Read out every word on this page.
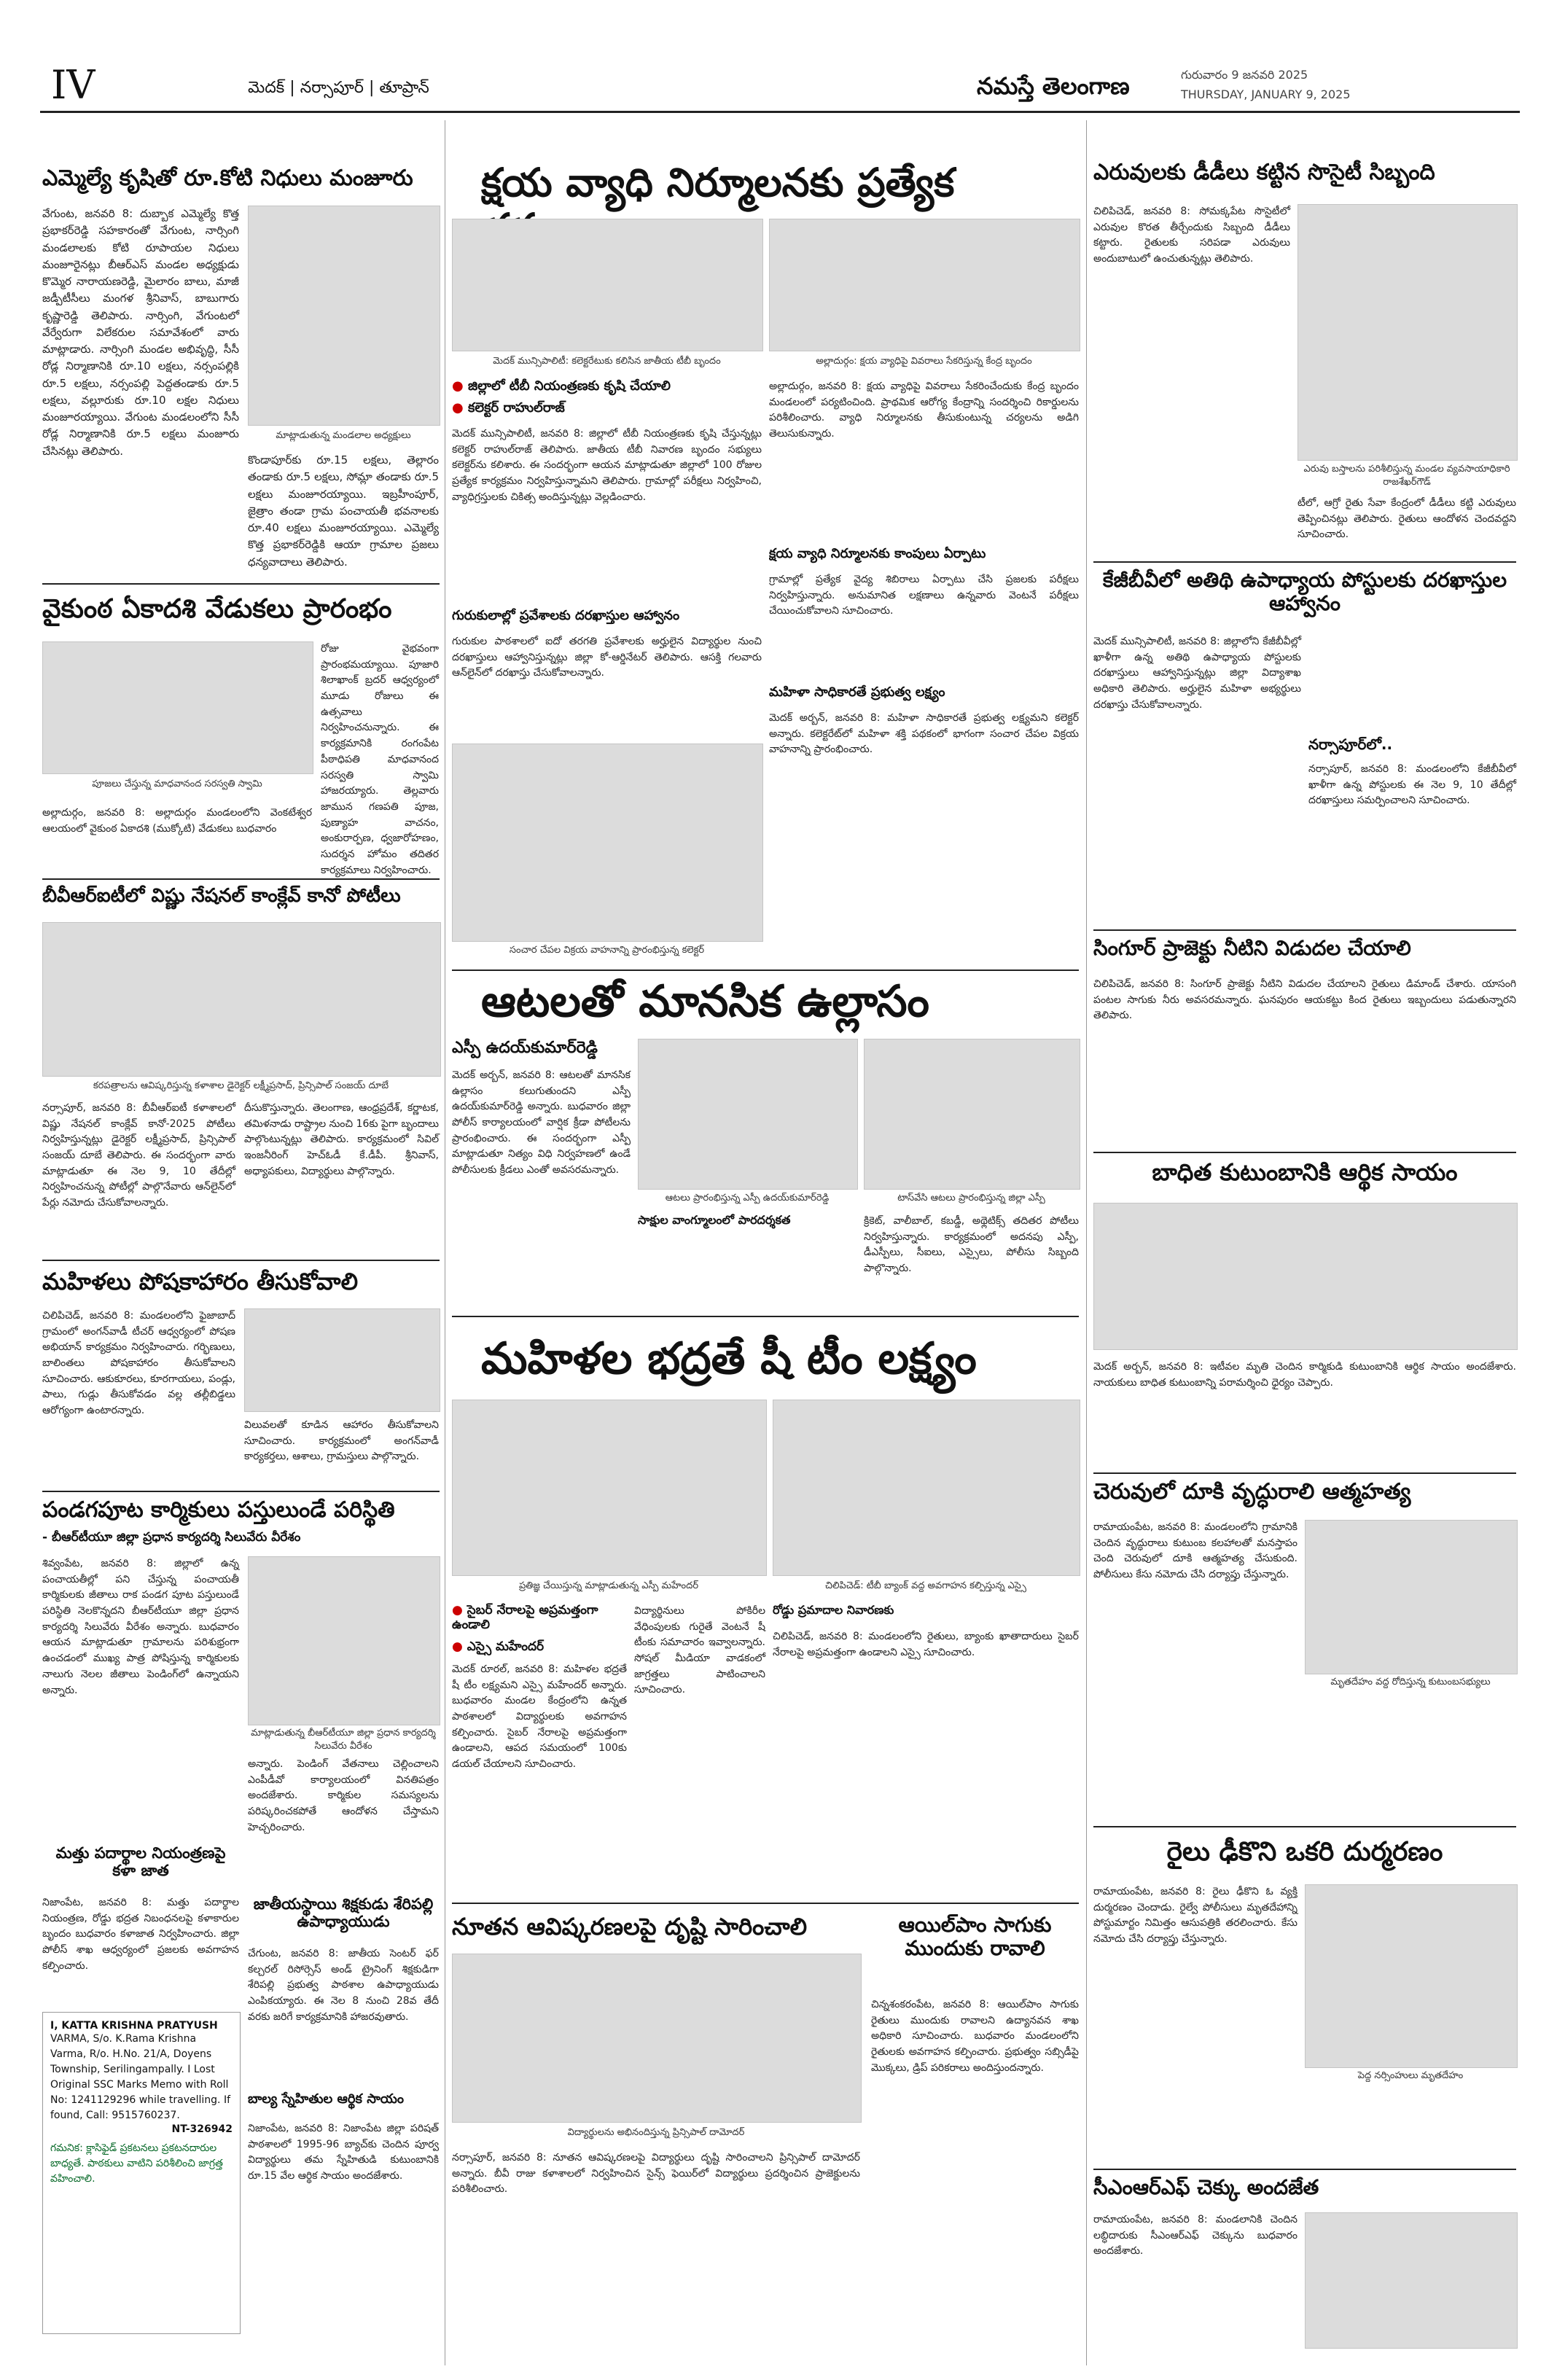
IV	మెదక్ | నర్సాపూర్ | తూప్రాన్	నమస్తే తెలంగాణ	గురువారం 9 జనవరి 2025
THURSDAY, JANUARY 9, 2025
ఎమ్మెల్యే కృషితో రూ.కోటి నిధులు మంజూరు
వేగుంట, జనవరి 8: దుబ్బాక ఎమ్మెల్యే కొత్త ప్రభాకర్‌రెడ్డి సహకారంతో వేగుంట, నార్సింగి మండలాలకు కోటి రూపాయల నిధులు మంజూరైనట్లు బీఆర్‌ఎస్ మండల అధ్యక్షుడు కొమ్మెర నారాయణరెడ్డి, మైలారం బాలు, మాజీ జడ్పీటీసీలు మంగళ శ్రీనివాస్, బాబుగారు కృష్ణారెడ్డి తెలిపారు. నార్సింగి, వేగుంటలో వేర్వేరుగా విలేకరుల సమావేశంలో వారు మాట్లాడారు. నార్సింగి మండల అభివృద్ధి, సీసీ రోడ్ల నిర్మాణానికి రూ.10 లక్షలు, నర్సంపల్లికి రూ.5 లక్షలు, నర్సంపల్లి పెద్దతండాకు రూ.5 లక్షలు, వల్లూరుకు రూ.10 లక్షల నిధులు మంజూరయ్యాయి. వేగుంట మండలంలోని సీసీ రోడ్ల నిర్మాణానికి రూ.5 లక్షలు మంజూరు చేసినట్లు తెలిపారు.
మాట్లాడుతున్న మండలాల అధ్యక్షులు
కొండాపూర్‌కు రూ.15 లక్షలు, తెల్లారం తండాకు రూ.5 లక్షలు, సోమ్లా తండాకు రూ.5 లక్షలు మంజూరయ్యాయి. ఇబ్రహీంపూర్, జైత్రాం తండా గ్రామ పంచాయతీ భవనాలకు రూ.40 లక్షలు మంజూరయ్యాయి. ఎమ్మెల్యే కొత్త ప్రభాకర్‌రెడ్డికి ఆయా గ్రామాల ప్రజలు ధన్యవాదాలు తెలిపారు.
వైకుంఠ ఏకాదశి వేడుకలు ప్రారంభం
పూజలు చేస్తున్న మాధవానంద సరస్వతి స్వామి
రోజు వైభవంగా ప్రారంభమయ్యాయి. పూజారి శిలాఖాంక్ బ్రదర్ ఆధ్వర్యంలో మూడు రోజులు ఈ ఉత్సవాలు నిర్వహించనున్నారు. ఈ కార్యక్రమానికి రంగంపేట పీఠాధిపతి మాధవానంద సరస్వతి స్వామి హాజరయ్యారు. తెల్లవారు జామున గణపతి పూజ, పుణ్యాహ వాచనం, అంకురార్పణ, ధ్వజారోహణం, సుదర్శన హోమం తదితర కార్యక్రమాలు నిర్వహించారు.
అల్లాదుర్గం, జనవరి 8: అల్లాదుర్గం మండలంలోని వెంకటేశ్వర ఆలయంలో వైకుంఠ ఏకాదశి (ముక్కోటి) వేడుకలు బుధవారం
బీవీఆర్ఐటీలో విష్ణు నేషనల్ కాంక్లేవ్ కానో పోటీలు
కరపత్రాలను ఆవిష్కరిస్తున్న కళాశాల డైరెక్టర్ లక్ష్మీప్రసాద్, ప్రిన్సిపాల్ సంజయ్ దూబే
నర్సాపూర్, జనవరి 8: బీవీఆర్ఐటీ కళాశాలలో విష్ణు నేషనల్ కాంక్లేవ్ కానో-2025 పోటీలు నిర్వహిస్తున్నట్లు డైరెక్టర్ లక్ష్మీప్రసాద్, ప్రిన్సిపాల్ సంజయ్ దూబే తెలిపారు. ఈ సందర్భంగా వారు మాట్లాడుతూ ఈ నెల 9, 10 తేదీల్లో నిర్వహించనున్న పోటీల్లో పాల్గొనేవారు ఆన్‌లైన్‌లో పేర్లు నమోదు చేసుకోవాలన్నారు.
దీసుకొస్తున్నారు. తెలంగాణ, ఆంధ్రప్రదేశ్, కర్ణాటక, తమిళనాడు రాష్ట్రాల నుంచి 16కు పైగా బృందాలు పాల్గొంటున్నట్లు తెలిపారు. కార్యక్రమంలో సివిల్ ఇంజనీరింగ్ హెచ్ఓడీ కే.డీపీ. శ్రీనివాస్, అధ్యాపకులు, విద్యార్థులు పాల్గొన్నారు.
మహిళలు పోషకాహారం తీసుకోవాలి
చిలిపిచెడ్, జనవరి 8: మండలంలోని ఫైజాబాద్ గ్రామంలో అంగన్‌వాడీ టీచర్ ఆధ్వర్యంలో పోషణ అభియాన్ కార్యక్రమం నిర్వహించారు. గర్భిణులు, బాలింతలు పోషకాహారం తీసుకోవాలని సూచించారు. ఆకుకూరలు, కూరగాయలు, పండ్లు, పాలు, గుడ్లు తీసుకోవడం వల్ల తల్లీబిడ్డలు ఆరోగ్యంగా ఉంటారన్నారు.
విలువలతో కూడిన ఆహారం తీసుకోవాలని సూచించారు. కార్యక్రమంలో అంగన్‌వాడీ కార్యకర్తలు, ఆశాలు, గ్రామస్తులు పాల్గొన్నారు.
పండగపూట కార్మికులు పస్తులుండే పరిస్థితి
- బీఆర్‌టీయూ జిల్లా ప్రధాన కార్యదర్శి సిలువేరు వీరేశం
శివ్వంపేట, జనవరి 8: జిల్లాలో ఉన్న పంచాయతీల్లో పని చేస్తున్న పంచాయతీ కార్మికులకు జీతాలు రాక పండగ పూట పస్తులుండే పరిస్థితి నెలకొన్నదని బీఆర్‌టీయూ జిల్లా ప్రధాన కార్యదర్శి సిలువేరు వీరేశం అన్నారు. బుధవారం ఆయన మాట్లాడుతూ గ్రామాలను పరిశుభ్రంగా ఉంచడంలో ముఖ్య పాత్ర పోషిస్తున్న కార్మికులకు నాలుగు నెలల జీతాలు పెండింగ్‌లో ఉన్నాయని అన్నారు.
మాట్లాడుతున్న బీఆర్‌టీయూ జిల్లా ప్రధాన కార్యదర్శి సిలువేరు వీరేశం
అన్నారు. పెండింగ్ వేతనాలు చెల్లించాలని ఎంపీడీవో కార్యాలయంలో వినతిపత్రం అందజేశారు. కార్మికుల సమస్యలను పరిష్కరించకపోతే ఆందోళన చేస్తామని హెచ్చరించారు.
మత్తు పదార్థాల నియంత్రణపై కళా జాత
నిజాంపేట, జనవరి 8: మత్తు పదార్థాల నియంత్రణ, రోడ్డు భద్రత నిబంధనలపై కళాకారుల బృందం బుధవారం కళాజాత నిర్వహించారు. జిల్లా పోలీస్ శాఖ ఆధ్వర్యంలో ప్రజలకు అవగాహన కల్పించారు.
జాతీయస్థాయి శిక్షకుడు శేరిపల్లి ఉపాధ్యాయుడు
చేగుంట, జనవరి 8: జాతీయ సెంటర్ ఫర్ కల్చరల్ రిసోర్సెస్ అండ్ ట్రైనింగ్ శిక్షకుడిగా శేరిపల్లి ప్రభుత్వ పాఠశాల ఉపాధ్యాయుడు ఎంపికయ్యారు. ఈ నెల 8 నుంచి 28వ తేదీ వరకు జరిగే కార్యక్రమానికి హాజరవుతారు.
I, KATTA KRISHNA PRATYUSH
VARMA, S/o. K.Rama Krishna Varma, R/o. H.No. 21/A, Doyens Township, Serilingampally. I Lost Original SSC Marks Memo with Roll No: 1241129296 while travelling. If found, Call: 9515760237.
NT-326942
గమనిక: క్లాసిఫైడ్ ప్రకటనలు ప్రకటనదారుల బాధ్యతే. పాఠకులు వాటిని పరిశీలించి జాగ్రత్త వహించాలి.
బాల్య స్నేహితుల ఆర్థిక సాయం
నిజాంపేట, జనవరి 8: నిజాంపేట జిల్లా పరిషత్ పాఠశాలలో 1995-96 బ్యాచ్‌కు చెందిన పూర్వ విద్యార్థులు తమ స్నేహితుడి కుటుంబానికి రూ.15 వేల ఆర్థిక సాయం అందజేశారు.
క్షయ వ్యాధి నిర్మూలనకు ప్రత్యేక
మెదక్ మున్సిపాలిటీ: కలెక్టరేటుకు కలిసిన జాతీయ టీబీ బృందం	అల్లాదుర్గం: క్షయ వ్యాధిపై వివరాలు సేకరిస్తున్న కేంద్ర బృందం
● జిల్లాలో టీబీ నియంత్రణకు కృషి చేయాలి
● కలెక్టర్ రాహుల్‌రాజ్
మెదక్ మున్సిపాలిటీ, జనవరి 8: జిల్లాలో టీబీ నియంత్రణకు కృషి చేస్తున్నట్లు కలెక్టర్ రాహుల్‌రాజ్ తెలిపారు. జాతీయ టీబీ నివారణ బృందం సభ్యులు కలెక్టర్‌ను కలిశారు. ఈ సందర్భంగా ఆయన మాట్లాడుతూ జిల్లాలో 100 రోజుల ప్రత్యేక కార్యక్రమం నిర్వహిస్తున్నామని తెలిపారు. గ్రామాల్లో పరీక్షలు నిర్వహించి, వ్యాధిగ్రస్తులకు చికిత్స అందిస్తున్నట్లు వెల్లడించారు.
గురుకులాల్లో ప్రవేశాలకు దరఖాస్తుల ఆహ్వానం
గురుకుల పాఠశాలలో ఐదో తరగతి ప్రవేశాలకు అర్హులైన విద్యార్థుల నుంచి దరఖాస్తులు ఆహ్వానిస్తున్నట్లు జిల్లా కో-ఆర్డినేటర్ తెలిపారు. ఆసక్తి గలవారు ఆన్‌లైన్‌లో దరఖాస్తు చేసుకోవాలన్నారు.
అల్లాదుర్గం, జనవరి 8: క్షయ వ్యాధిపై వివరాలు సేకరించేందుకు కేంద్ర బృందం మండలంలో పర్యటించింది. ప్రాథమిక ఆరోగ్య కేంద్రాన్ని సందర్శించి రికార్డులను పరిశీలించారు. వ్యాధి నిర్మూలనకు తీసుకుంటున్న చర్యలను అడిగి తెలుసుకున్నారు.
క్షయ వ్యాధి నిర్మూలనకు కాంపులు ఏర్పాటు
గ్రామాల్లో ప్రత్యేక వైద్య శిబిరాలు ఏర్పాటు చేసి ప్రజలకు పరీక్షలు నిర్వహిస్తున్నారు. అనుమానిత లక్షణాలు ఉన్నవారు వెంటనే పరీక్షలు చేయించుకోవాలని సూచించారు.
మహిళా సాధికారతే ప్రభుత్వ లక్ష్యం
మెదక్ అర్బన్, జనవరి 8: మహిళా సాధికారతే ప్రభుత్వ లక్ష్యమని కలెక్టర్ అన్నారు. కలెక్టరేట్‌లో మహిళా శక్తి పథకంలో భాగంగా సంచార చేపల విక్రయ వాహనాన్ని ప్రారంభించారు.
సంచార చేపల విక్రయ వాహనాన్ని ప్రారంభిస్తున్న కలెక్టర్
ఆటలతో మానసిక ఉల్లాసం
ఎస్పీ ఉదయ్‌కుమార్‌రెడ్డి
మెదక్ అర్బన్, జనవరి 8: ఆటలతో మానసిక ఉల్లాసం కలుగుతుందని ఎస్పీ ఉదయ్‌కుమార్‌రెడ్డి అన్నారు. బుధవారం జిల్లా పోలీస్ కార్యాలయంలో వార్షిక క్రీడా పోటీలను ప్రారంభించారు. ఈ సందర్భంగా ఎస్పీ మాట్లాడుతూ నిత్యం విధి నిర్వహణలో ఉండే పోలీసులకు క్రీడలు ఎంతో అవసరమన్నారు.
ఆటలు ప్రారంభిస్తున్న ఎస్పీ ఉదయ్‌కుమార్‌రెడ్డి	టాస్‌వేసి ఆటలు ప్రారంభిస్తున్న జిల్లా ఎస్పీ
సాక్షుల వాంగ్మూలంలో పారదర్శకత	క్రికెట్, వాలీబాల్, కబడ్డీ, అథ్లెటిక్స్ తదితర పోటీలు నిర్వహిస్తున్నారు. కార్యక్రమంలో అదనపు ఎస్పీ, డీఎస్పీలు, సీఐలు, ఎస్సైలు, పోలీసు సిబ్బంది పాల్గొన్నారు.
మహిళల భద్రతే షీ టీం లక్ష్యం
ప్రతిజ్ఞ చేయిస్తున్న మాట్లాడుతున్న ఎస్పీ మహేందర్	చిలిపిచెడ్: టీబీ బ్యాంక్ వద్ద అవగాహన కల్పిస్తున్న ఎస్సై
● సైబర్ నేరాలపై అప్రమత్తంగా ఉండాలి
● ఎస్సై మహేందర్
మెదక్ రూరల్, జనవరి 8: మహిళల భద్రతే షీ టీం లక్ష్యమని ఎస్సై మహేందర్ అన్నారు. బుధవారం మండల కేంద్రంలోని ఉన్నత పాఠశాలలో విద్యార్థులకు అవగాహన కల్పించారు. సైబర్ నేరాలపై అప్రమత్తంగా ఉండాలని, ఆపద సమయంలో 100కు డయల్ చేయాలని సూచించారు.
విద్యార్థినులు పోకిరీల వేధింపులకు గురైతే వెంటనే షీ టీంకు సమాచారం ఇవ్వాలన్నారు. సోషల్ మీడియా వాడకంలో జాగ్రత్తలు పాటించాలని సూచించారు.
రోడ్డు ప్రమాదాల నివారణకు
చిలిపిచెడ్, జనవరి 8: మండలంలోని రైతులు, బ్యాంకు ఖాతాదారులు సైబర్ నేరాలపై అప్రమత్తంగా ఉండాలని ఎస్సై సూచించారు.
నూతన ఆవిష్కరణలపై దృష్టి సారించాలి
విద్యార్థులను అభినందిస్తున్న ప్రిన్సిపాల్ దామోదర్
నర్సాపూర్, జనవరి 8: నూతన ఆవిష్కరణలపై విద్యార్థులు దృష్టి సారించాలని ప్రిన్సిపాల్ దామోదర్ అన్నారు. బీవీ రాజు కళాశాలలో నిర్వహించిన సైన్స్ ఫెయిర్‌లో విద్యార్థులు ప్రదర్శించిన ప్రాజెక్టులను పరిశీలించారు.
ఆయిల్‌పాం సాగుకు ముందుకు రావాలి
చిన్నశంకరంపేట, జనవరి 8: ఆయిల్‌పాం సాగుకు రైతులు ముందుకు రావాలని ఉద్యానవన శాఖ అధికారి సూచించారు. బుధవారం మండలంలోని రైతులకు అవగాహన కల్పించారు. ప్రభుత్వం సబ్సిడీపై మొక్కలు, డ్రిప్ పరికరాలు అందిస్తుందన్నారు.
ఎరువులకు డీడీలు కట్టిన సొసైటీ సిబ్బంది
చిలిపిచెడ్, జనవరి 8: సోమక్కపేట సొసైటీలో ఎరువుల కొరత తీర్చేందుకు సిబ్బంది డీడీలు కట్టారు. రైతులకు సరిపడా ఎరువులు అందుబాటులో ఉంచుతున్నట్లు తెలిపారు.
ఎరువు బస్తాలను పరిశీలిస్తున్న మండల వ్యవసాయాధికారి రాజశేఖర్‌గౌడ్
టీలో, ఆగ్రో రైతు సేవా కేంద్రంలో డీడీలు కట్టి ఎరువులు తెప్పించినట్లు తెలిపారు. రైతులు ఆందోళన చెందవద్దని సూచించారు.
కేజీబీవీలో అతిథి ఉపాధ్యాయ పోస్టులకు దరఖాస్తుల ఆహ్వానం
మెదక్ మున్సిపాలిటీ, జనవరి 8: జిల్లాలోని కేజీబీవీల్లో ఖాళీగా ఉన్న అతిథి ఉపాధ్యాయ పోస్టులకు దరఖాస్తులు ఆహ్వానిస్తున్నట్లు జిల్లా విద్యాశాఖ అధికారి తెలిపారు. అర్హులైన మహిళా అభ్యర్థులు దరఖాస్తు చేసుకోవాలన్నారు.
నర్సాపూర్‌లో..
నర్సాపూర్, జనవరి 8: మండలంలోని కేజీబీవీలో ఖాళీగా ఉన్న పోస్టులకు ఈ నెల 9, 10 తేదీల్లో దరఖాస్తులు సమర్పించాలని సూచించారు.
సింగూర్ ప్రాజెక్టు నీటిని విడుదల చేయాలి
చిలిపిచెడ్, జనవరి 8: సింగూర్ ప్రాజెక్టు నీటిని విడుదల చేయాలని రైతులు డిమాండ్ చేశారు. యాసంగి పంటల సాగుకు నీరు అవసరమన్నారు. ఘనపురం ఆయకట్టు కింద రైతులు ఇబ్బందులు పడుతున్నారని తెలిపారు.
బాధిత కుటుంబానికి ఆర్థిక సాయం
మెదక్ అర్బన్, జనవరి 8: ఇటీవల మృతి చెందిన కార్మికుడి కుటుంబానికి ఆర్థిక సాయం అందజేశారు. నాయకులు బాధిత కుటుంబాన్ని పరామర్శించి ధైర్యం చెప్పారు.
చెరువులో దూకి వృద్ధురాలి ఆత్మహత్య
రామాయంపేట, జనవరి 8: మండలంలోని గ్రామానికి చెందిన వృద్ధురాలు కుటుంబ కలహాలతో మనస్తాపం చెంది చెరువులో దూకి ఆత్మహత్య చేసుకుంది. పోలీసులు కేసు నమోదు చేసి దర్యాప్తు చేస్తున్నారు.
మృతదేహం వద్ద రోదిస్తున్న కుటుంబసభ్యులు
రైలు ఢీకొని ఒకరి దుర్మరణం
రామాయంపేట, జనవరి 8: రైలు ఢీకొని ఓ వ్యక్తి దుర్మరణం చెందాడు. రైల్వే పోలీసులు మృతదేహాన్ని పోస్టుమార్టం నిమిత్తం ఆసుపత్రికి తరలించారు. కేసు నమోదు చేసి దర్యాప్తు చేస్తున్నారు.
పెద్ద నర్సింహులు మృతదేహం
సీఎంఆర్ఎఫ్ చెక్కు అందజేత
రామాయంపేట, జనవరి 8: మండలానికి చెందిన లబ్ధిదారుకు సీఎంఆర్ఎఫ్ చెక్కును బుధవారం అందజేశారు.
